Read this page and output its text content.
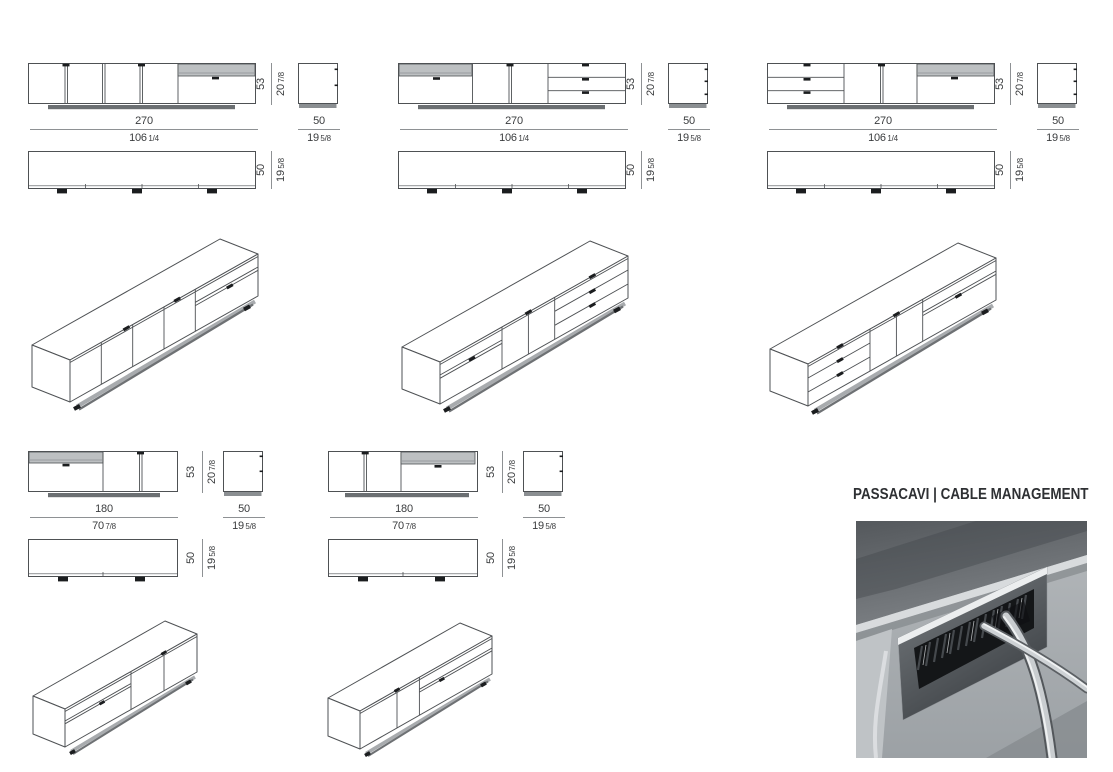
53
207/8
270
106 1/4
50
19 5/8
50
195/8
53
207/8
270
106 1/4
50
19 5/8
50
195/8
53
207/8
270
106 1/4
50
19 5/8
50
195/8
53
207/8
180
70 7/8
50
19 5/8
50
195/8
53
207/8
180
70 7/8
50
19 5/8
50
195/8
PASSACAVI | CABLE MANAGEMENT
